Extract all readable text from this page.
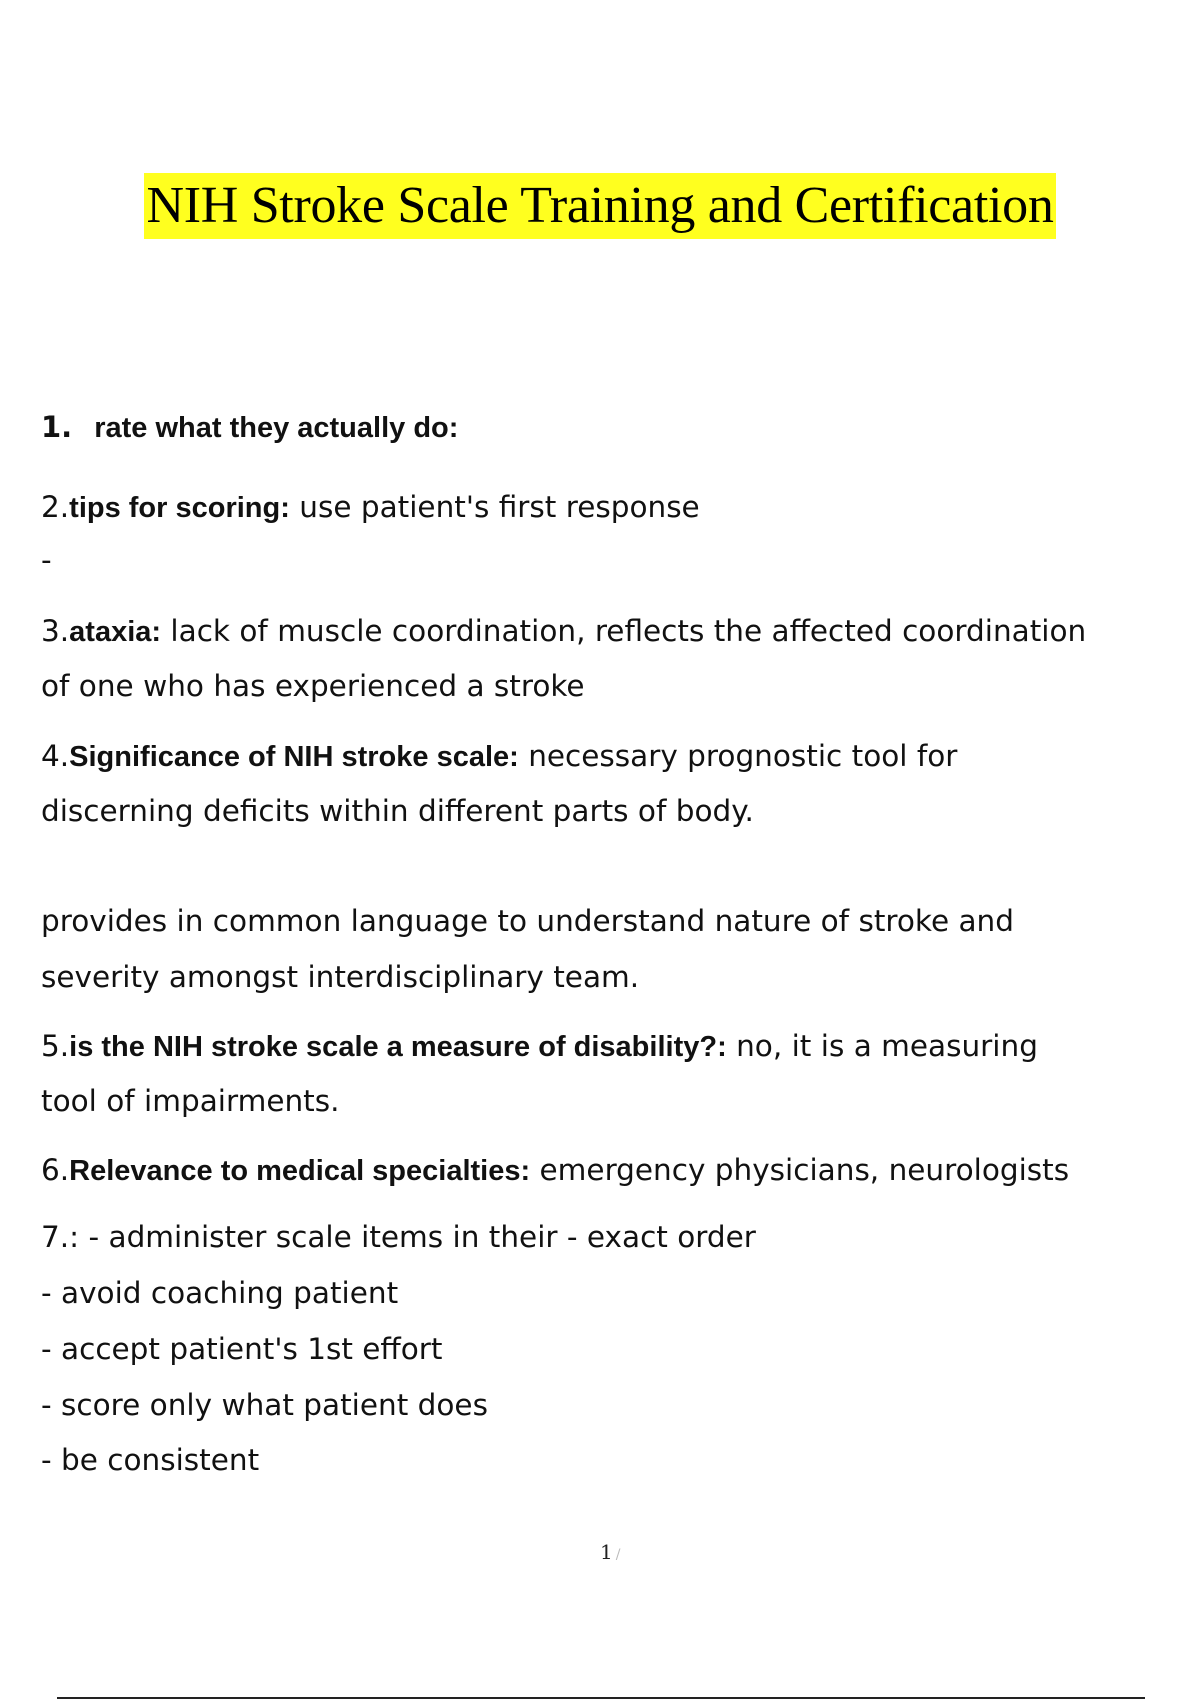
NIH Stroke Scale Training and Certification
1. rate what they actually do:
2.tips for scoring: use patient's first response
-
3.ataxia: lack of muscle coordination, reflects the affected coordination
of one who has experienced a stroke
4.Significance of NIH stroke scale: necessary prognostic tool for
discerning deficits within different parts of body.
provides in common language to understand nature of stroke and
severity amongst interdisciplinary team.
5.is the NIH stroke scale a measure of disability?: no, it is a measuring
tool of impairments.
6.Relevance to medical specialties: emergency physicians, neurologists
7.: - administer scale items in their - exact order
- avoid coaching patient
- accept patient's 1st effort
- score only what patient does
- be consistent
1 /
